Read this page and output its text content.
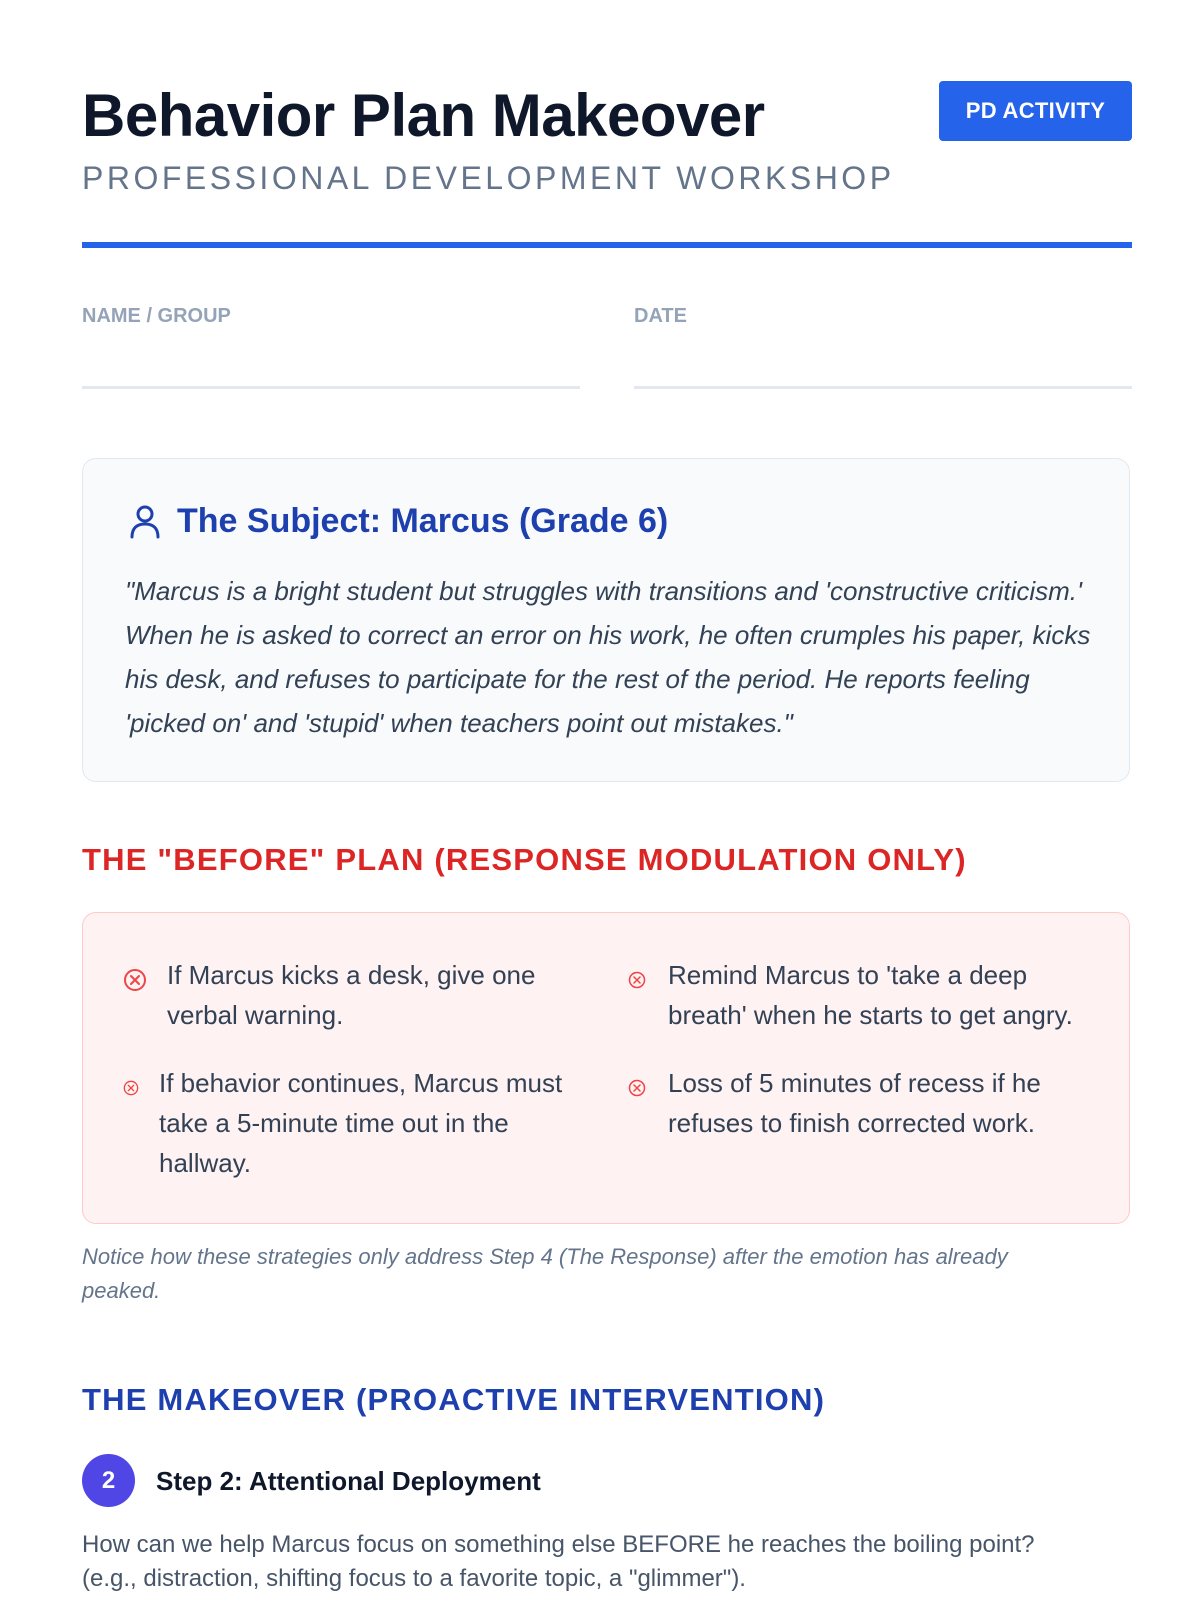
Behavior Plan Makeover
PROFESSIONAL DEVELOPMENT WORKSHOP
PD ACTIVITY
NAME / GROUP	DATE
The Subject: Marcus (Grade 6)
"Marcus is a bright student but struggles with transitions and 'constructive criticism.' When he is asked to correct an error on his work, he often crumples his paper, kicks his desk, and refuses to participate for the rest of the period. He reports feeling 'picked on' and 'stupid' when teachers point out mistakes."
THE "BEFORE" PLAN (RESPONSE MODULATION ONLY)
If Marcus kicks a desk, give one verbal warning.
Remind Marcus to 'take a deep breath' when he starts to get angry.
If behavior continues, Marcus must take a 5-minute time out in the hallway.
Loss of 5 minutes of recess if he refuses to finish corrected work.
Notice how these strategies only address Step 4 (The Response) after the emotion has already peaked.
THE MAKEOVER (PROACTIVE INTERVENTION)
2	Step 2: Attentional Deployment
How can we help Marcus focus on something else BEFORE he reaches the boiling point? (e.g., distraction, shifting focus to a favorite topic, a "glimmer").
